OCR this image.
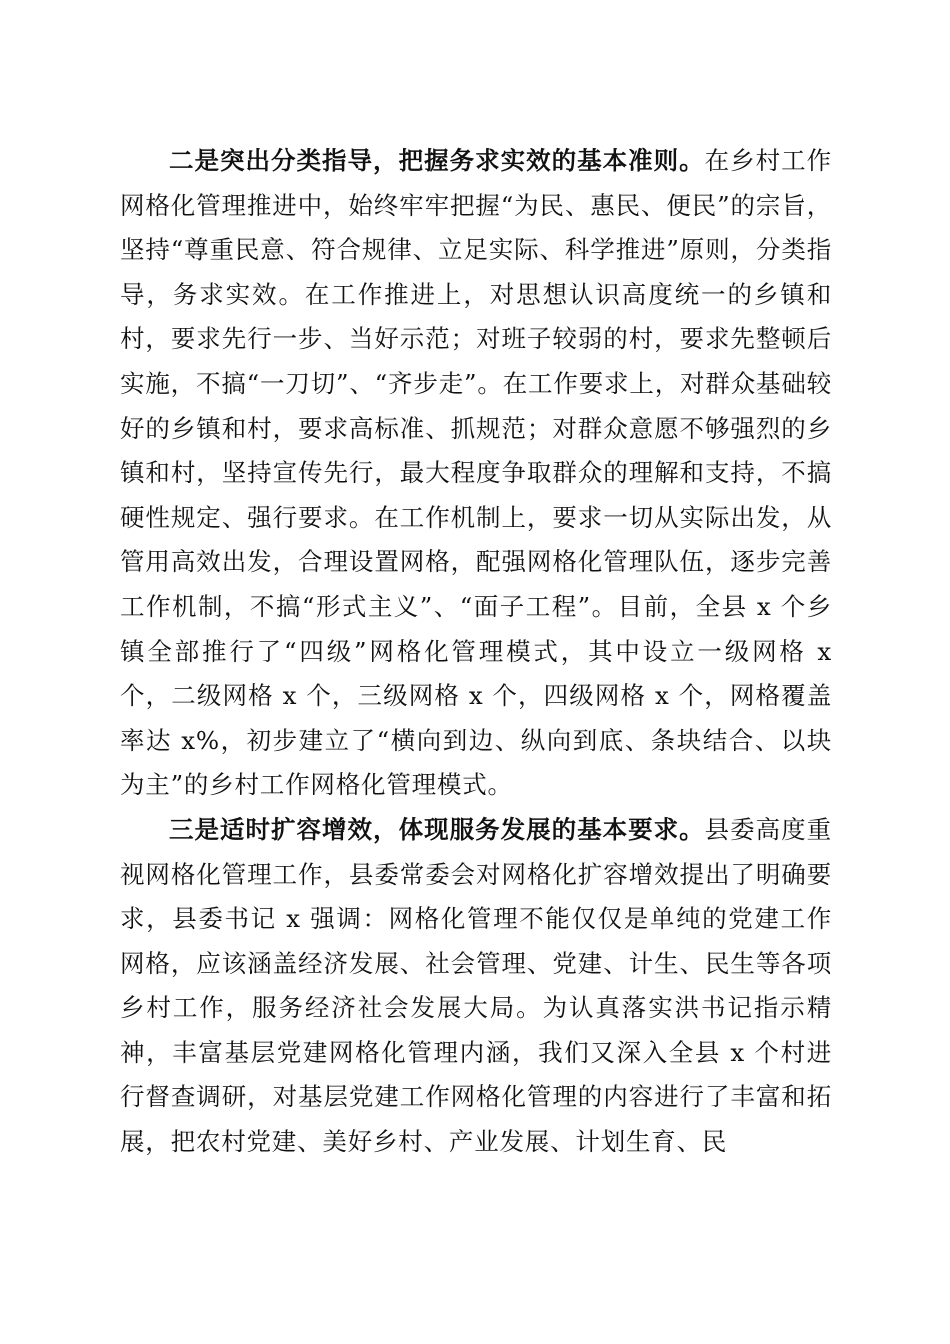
二是突出分类指导，把握务求实效的基本准则。在乡村工作网格化管理推进中，始终牢牢把握“为民、惠民、便民”的宗旨，坚持“尊重民意、符合规律、立足实际、科学推进”原则，分类指导，务求实效。在工作推进上，对思想认识高度统一的乡镇和村，要求先行一步、当好示范；对班子较弱的村，要求先整顿后实施，不搞“一刀切”、“齐步走”。在工作要求上，对群众基础较好的乡镇和村，要求高标准、抓规范；对群众意愿不够强烈的乡镇和村，坚持宣传先行，最大程度争取群众的理解和支持，不搞硬性规定、强行要求。在工作机制上，要求一切从实际出发，从管用高效出发，合理设置网格，配强网格化管理队伍，逐步完善工作机制，不搞“形式主义”、“面子工程”。目前，全县 x 个乡镇全部推行了“四级”网格化管理模式，其中设立一级网格 x 个，二级网格 x 个，三级网格 x 个，四级网格 x 个，网格覆盖率达 x%，初步建立了“横向到边、纵向到底、条块结合、以块为主”的乡村工作网格化管理模式。

三是适时扩容增效，体现服务发展的基本要求。县委高度重视网格化管理工作，县委常委会对网格化扩容增效提出了明确要求，县委书记 x 强调：网格化管理不能仅仅是单纯的党建工作网格，应该涵盖经济发展、社会管理、党建、计生、民生等各项乡村工作，服务经济社会发展大局。为认真落实洪书记指示精神，丰富基层党建网格化管理内涵，我们又深入全县 x 个村进行督查调研，对基层党建工作网格化管理的内容进行了丰富和拓展，把农村党建、美好乡村、产业发展、计划生育、民
